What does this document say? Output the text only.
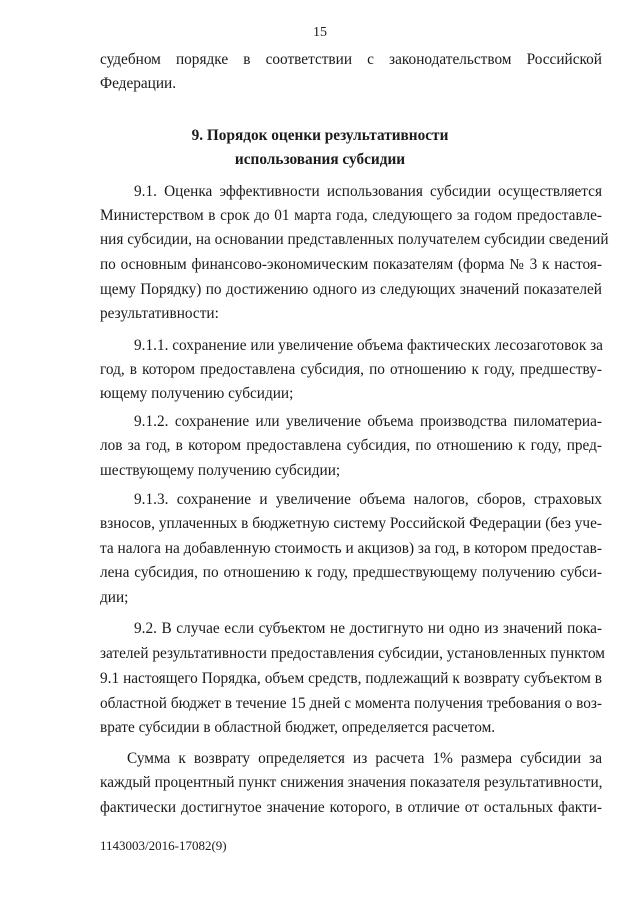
15
судебном порядке в соответствии с законодательством Российской
Федерации.
9. Порядок оценки результативности
использования субсидии
9.1. Оценка эффективности использования субсидии осуществляется
Министерством в срок до 01 марта года, следующего за годом предоставле-
ния субсидии, на основании представленных получателем субсидии сведений
по основным финансово-экономическим показателям (форма № 3 к настоя-
щему Порядку) по достижению одного из следующих значений показателей
результативности:
9.1.1. сохранение или увеличение объема фактических лесозаготовок за
год, в котором предоставлена субсидия, по отношению к году, предшеству-
ющему получению субсидии;
9.1.2. сохранение или увеличение объема производства пиломатериа-
лов за год, в котором предоставлена субсидия, по отношению к году, пред-
шествующему получению субсидии;
9.1.3. сохранение и увеличение объема налогов, сборов, страховых
взносов, уплаченных в бюджетную систему Российской Федерации (без уче-
та налога на добавленную стоимость и акцизов) за год, в котором предостав-
лена субсидия, по отношению к году, предшествующему получению субси-
дии;
9.2. В случае если субъектом не достигнуто ни одно из значений пока-
зателей результативности предоставления субсидии, установленных пунктом
9.1 настоящего Порядка, объем средств, подлежащий к возврату субъектом в
областной бюджет в течение 15 дней с момента получения требования о воз-
врате субсидии в областной бюджет, определяется расчетом.
Сумма к возврату определяется из расчета 1% размера субсидии за
каждый процентный пункт снижения значения показателя результативности,
фактически достигнутое значение которого, в отличие от остальных факти-
1143003/2016-17082(9)
